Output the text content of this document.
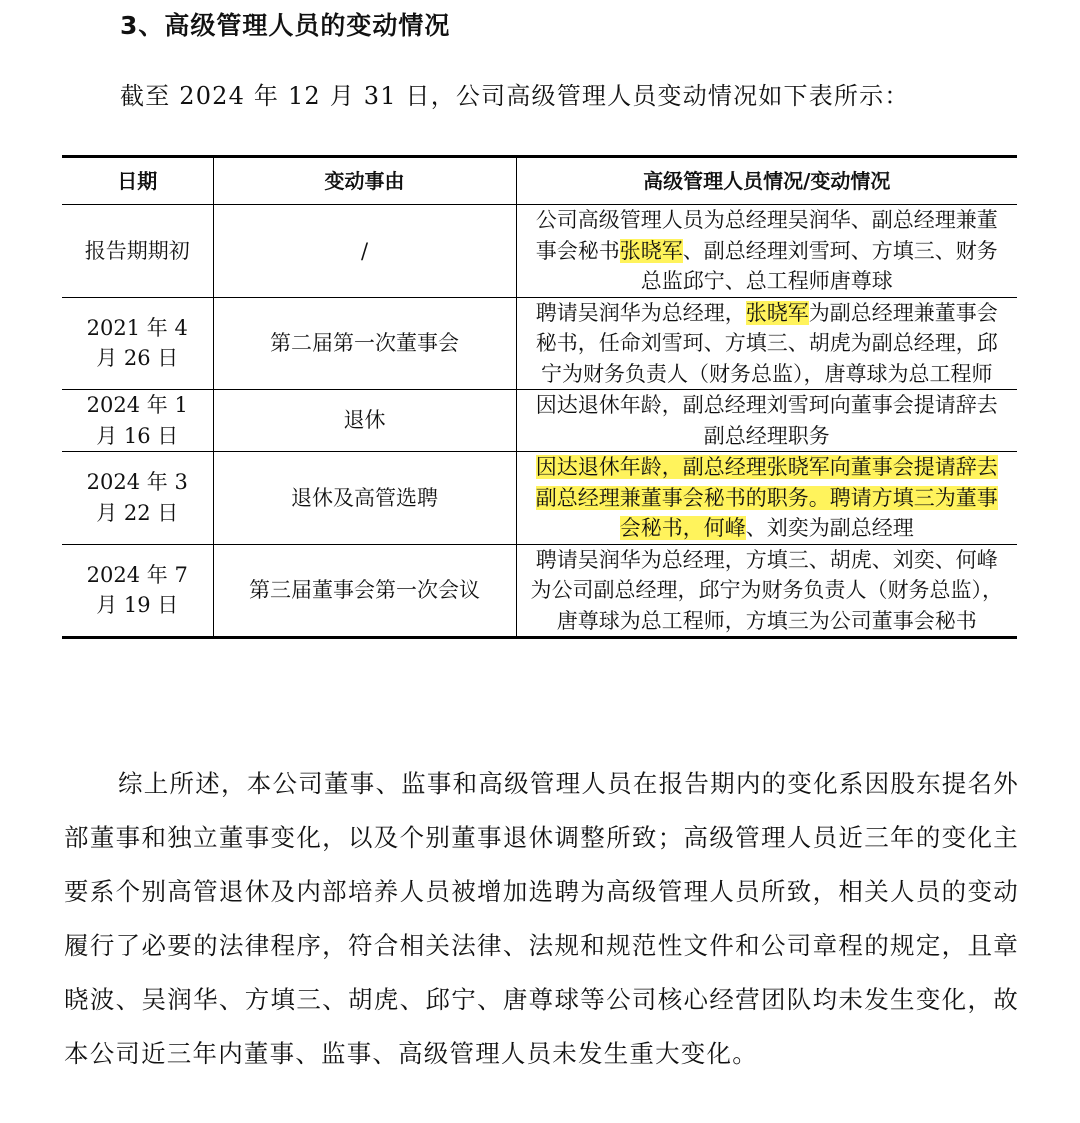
3、高级管理人员的变动情况
截至 2024 年 12 月 31 日，公司高级管理人员变动情况如下表所示：
日期	变动事由	高级管理人员情况/变动情况
报告期期初	/	公司高级管理人员为总经理吴润华、副总经理兼董事会秘书张晓军、副总经理刘雪珂、方填三、财务总监邱宁、总工程师唐尊球
2021 年 4 月 26 日	第二届第一次董事会	聘请吴润华为总经理，张晓军为副总经理兼董事会秘书，任命刘雪珂、方填三、胡虎为副总经理，邱宁为财务负责人（财务总监），唐尊球为总工程师
2024 年 1 月 16 日	退休	因达退休年龄，副总经理刘雪珂向董事会提请辞去副总经理职务
2024 年 3 月 22 日	退休及高管选聘	因达退休年龄，副总经理张晓军向董事会提请辞去副总经理兼董事会秘书的职务。聘请方填三为董事会秘书，何峰、刘奕为副总经理
2024 年 7 月 19 日	第三届董事会第一次会议	聘请吴润华为总经理，方填三、胡虎、刘奕、何峰为公司副总经理，邱宁为财务负责人（财务总监），唐尊球为总工程师，方填三为公司董事会秘书
综上所述，本公司董事、监事和高级管理人员在报告期内的变化系因股东提名外部董事和独立董事变化，以及个别董事退休调整所致；高级管理人员近三年的变化主要系个别高管退休及内部培养人员被增加选聘为高级管理人员所致，相关人员的变动履行了必要的法律程序，符合相关法律、法规和规范性文件和公司章程的规定，且章晓波、吴润华、方填三、胡虎、邱宁、唐尊球等公司核心经营团队均未发生变化，故本公司近三年内董事、监事、高级管理人员未发生重大变化。
